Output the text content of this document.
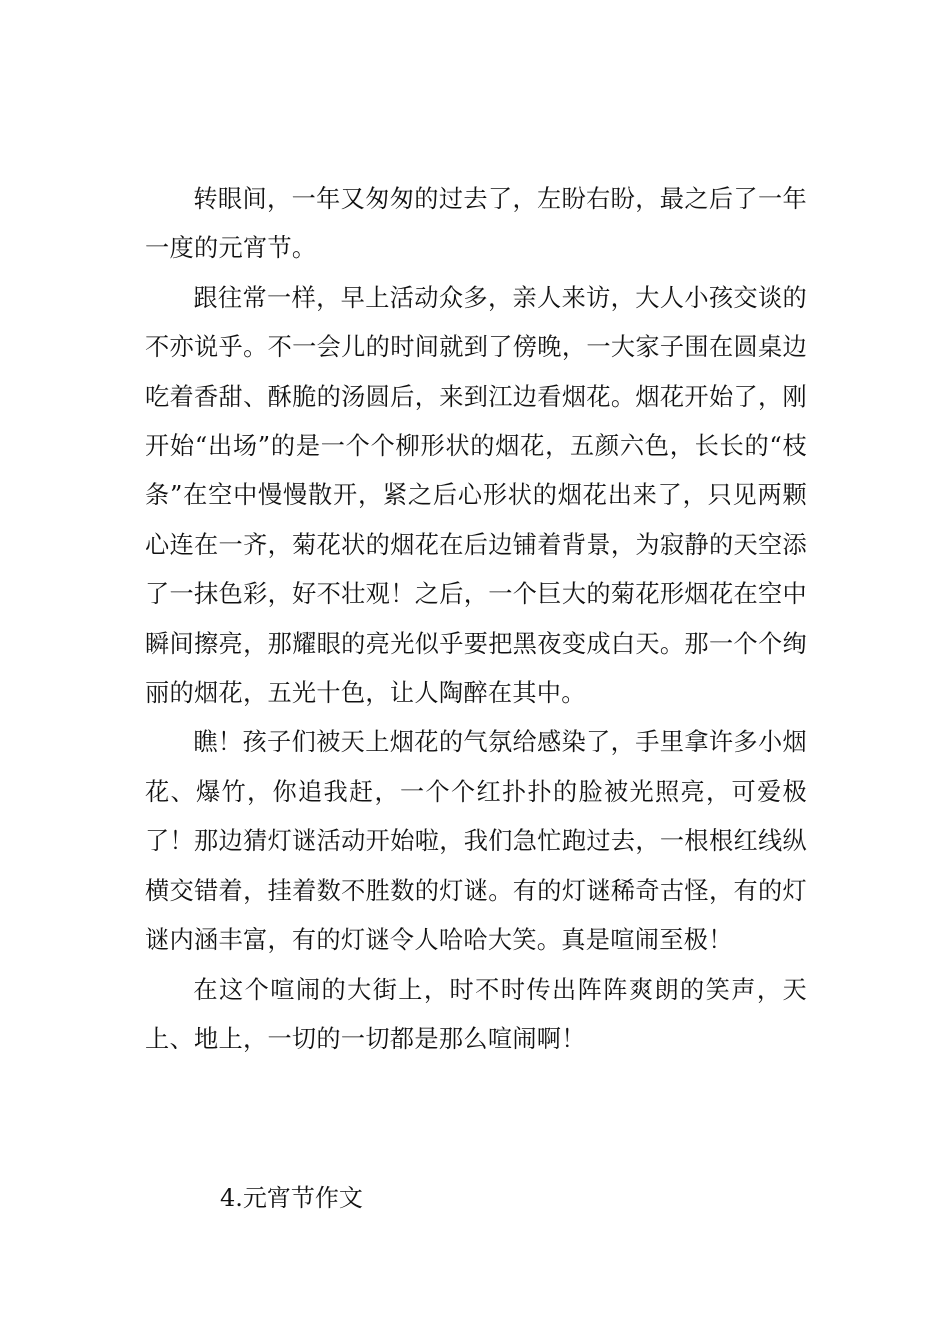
转眼间，一年又匆匆的过去了，左盼右盼，最之后了一年一度的元宵节。

跟往常一样，早上活动众多，亲人来访，大人小孩交谈的不亦说乎。不一会儿的时间就到了傍晚，一大家子围在圆桌边吃着香甜、酥脆的汤圆后，来到江边看烟花。烟花开始了，刚开始“出场”的是一个个柳形状的烟花，五颜六色，长长的“枝条”在空中慢慢散开，紧之后心形状的烟花出来了，只见两颗心连在一齐，菊花状的烟花在后边铺着背景，为寂静的天空添了一抹色彩，好不壮观！之后，一个巨大的菊花形烟花在空中瞬间擦亮，那耀眼的亮光似乎要把黑夜变成白天。那一个个绚丽的烟花，五光十色，让人陶醉在其中。

瞧！孩子们被天上烟花的气氛给感染了，手里拿许多小烟花、爆竹，你追我赶，一个个红扑扑的脸被光照亮，可爱极了！那边猜灯谜活动开始啦，我们急忙跑过去，一根根红线纵横交错着，挂着数不胜数的灯谜。有的灯谜稀奇古怪，有的灯谜内涵丰富，有的灯谜令人哈哈大笑。真是喧闹至极！

在这个喧闹的大街上，时不时传出阵阵爽朗的笑声，天上、地上，一切的一切都是那么喧闹啊！

4.元宵节作文
